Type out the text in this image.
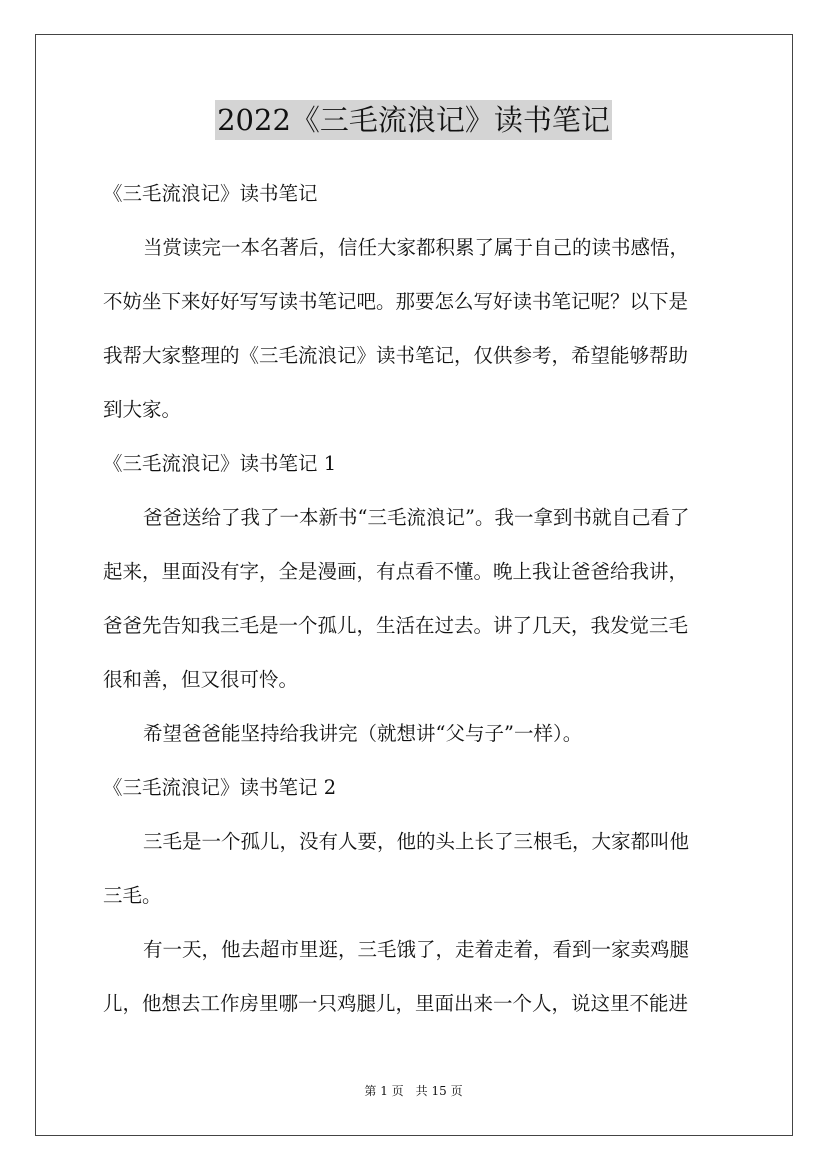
2022《三毛流浪记》读书笔记
《三毛流浪记》读书笔记
当赏读完一本名著后，信任大家都积累了属于自己的读书感悟，
不妨坐下来好好写写读书笔记吧。那要怎么写好读书笔记呢？以下是
我帮大家整理的《三毛流浪记》读书笔记，仅供参考，希望能够帮助
到大家。
《三毛流浪记》读书笔记 1
爸爸送给了我了一本新书“三毛流浪记”。我一拿到书就自己看了
起来，里面没有字，全是漫画，有点看不懂。晚上我让爸爸给我讲，
爸爸先告知我三毛是一个孤儿，生活在过去。讲了几天，我发觉三毛
很和善，但又很可怜。
希望爸爸能坚持给我讲完（就想讲“父与子”一样）。
《三毛流浪记》读书笔记 2
三毛是一个孤儿，没有人要，他的头上长了三根毛，大家都叫他
三毛。
有一天，他去超市里逛，三毛饿了，走着走着，看到一家卖鸡腿
儿，他想去工作房里哪一只鸡腿儿，里面出来一个人，说这里不能进
第 1 页　共 15 页
